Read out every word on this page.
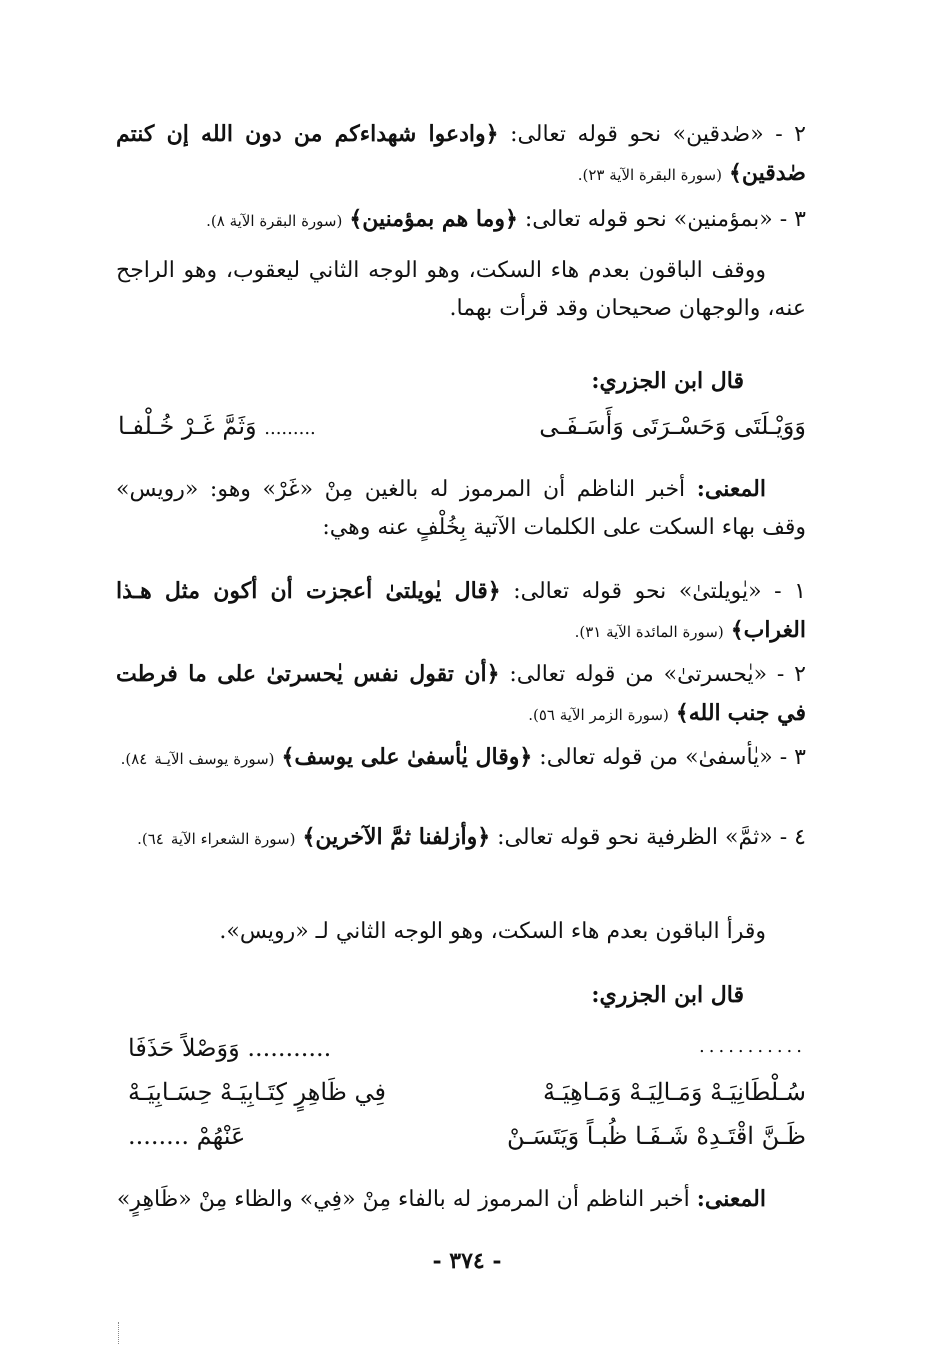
٢ - «صٰدقين» نحو قوله تعالى: ﴿وادعوا شهداءكم من دون الله إن كنتم صٰدقين﴾ (سورة البقرة الآية ٢٣).
٣ - «بمؤمنين» نحو قوله تعالى: ﴿وما هم بمؤمنين﴾ (سورة البقرة الآية ٨).
ووقف الباقون بعدم هاء السكت، وهو الوجه الثاني ليعقوب، وهو الراجح عنه، والوجهان صحيحان وقد قرأت بهما.
قال ابن الجزري:
وَوَيْـلَتَى وَحَسْـرَتَى وَأَسَـفَـى
......... وَثَمَّ غَـرْ خُـلْفـا
المعنى: أخبر الناظم أن المرموز له بالغين مِنْ «غَرْ» وهو: «رويس» وقف بهاء السكت على الكلمات الآتية بِخُلْفٍ عنه وهي:
١ - «يٰويلتىٰ» نحو قوله تعالى: ﴿قال يٰويلتىٰ أعجزت أن أكون مثل هـذا الغراب﴾ (سورة المائدة الآية ٣١).
٢ - «يٰحسرتىٰ» من قوله تعالى: ﴿أن تقول نفس يٰحسرتىٰ على ما فرطت في جنب الله﴾ (سورة الزمر الآية ٥٦).
٣ - «يٰأسفىٰ» من قوله تعالى: ﴿وقال يٰأسفىٰ على يوسف﴾ (سورة يوسف الآيـة ٨٤).
٤ - «ثمَّ» الظرفية نحو قوله تعالى: ﴿وأزلفنا ثمَّ الآخرين﴾ (سورة الشعراء الآية ٦٤).
وقرأ الباقون بعدم هاء السكت، وهو الوجه الثاني لـ «رويس».
قال ابن الجزري:
...........
........... وَوَصْلاً حَذَفَا
سُـلْطَانِيَـهْ وَمَـالِيَـهْ وَمَـاهِيَـهْ
فِي ظَاهِرٍ كِتَـابِيَـهْ حِسَـابِيَـهْ
ظَـنَّ اقْتَـدِهْ شَـفَـا ظُبـاً وَيَتَسَـنْ
عَنْهُمْ ........
المعنى: أخبر الناظم أن المرموز له بالفاء مِنْ «فِي» والظاء مِنْ «ظَاهِرٍ»
- ٣٧٤ -
